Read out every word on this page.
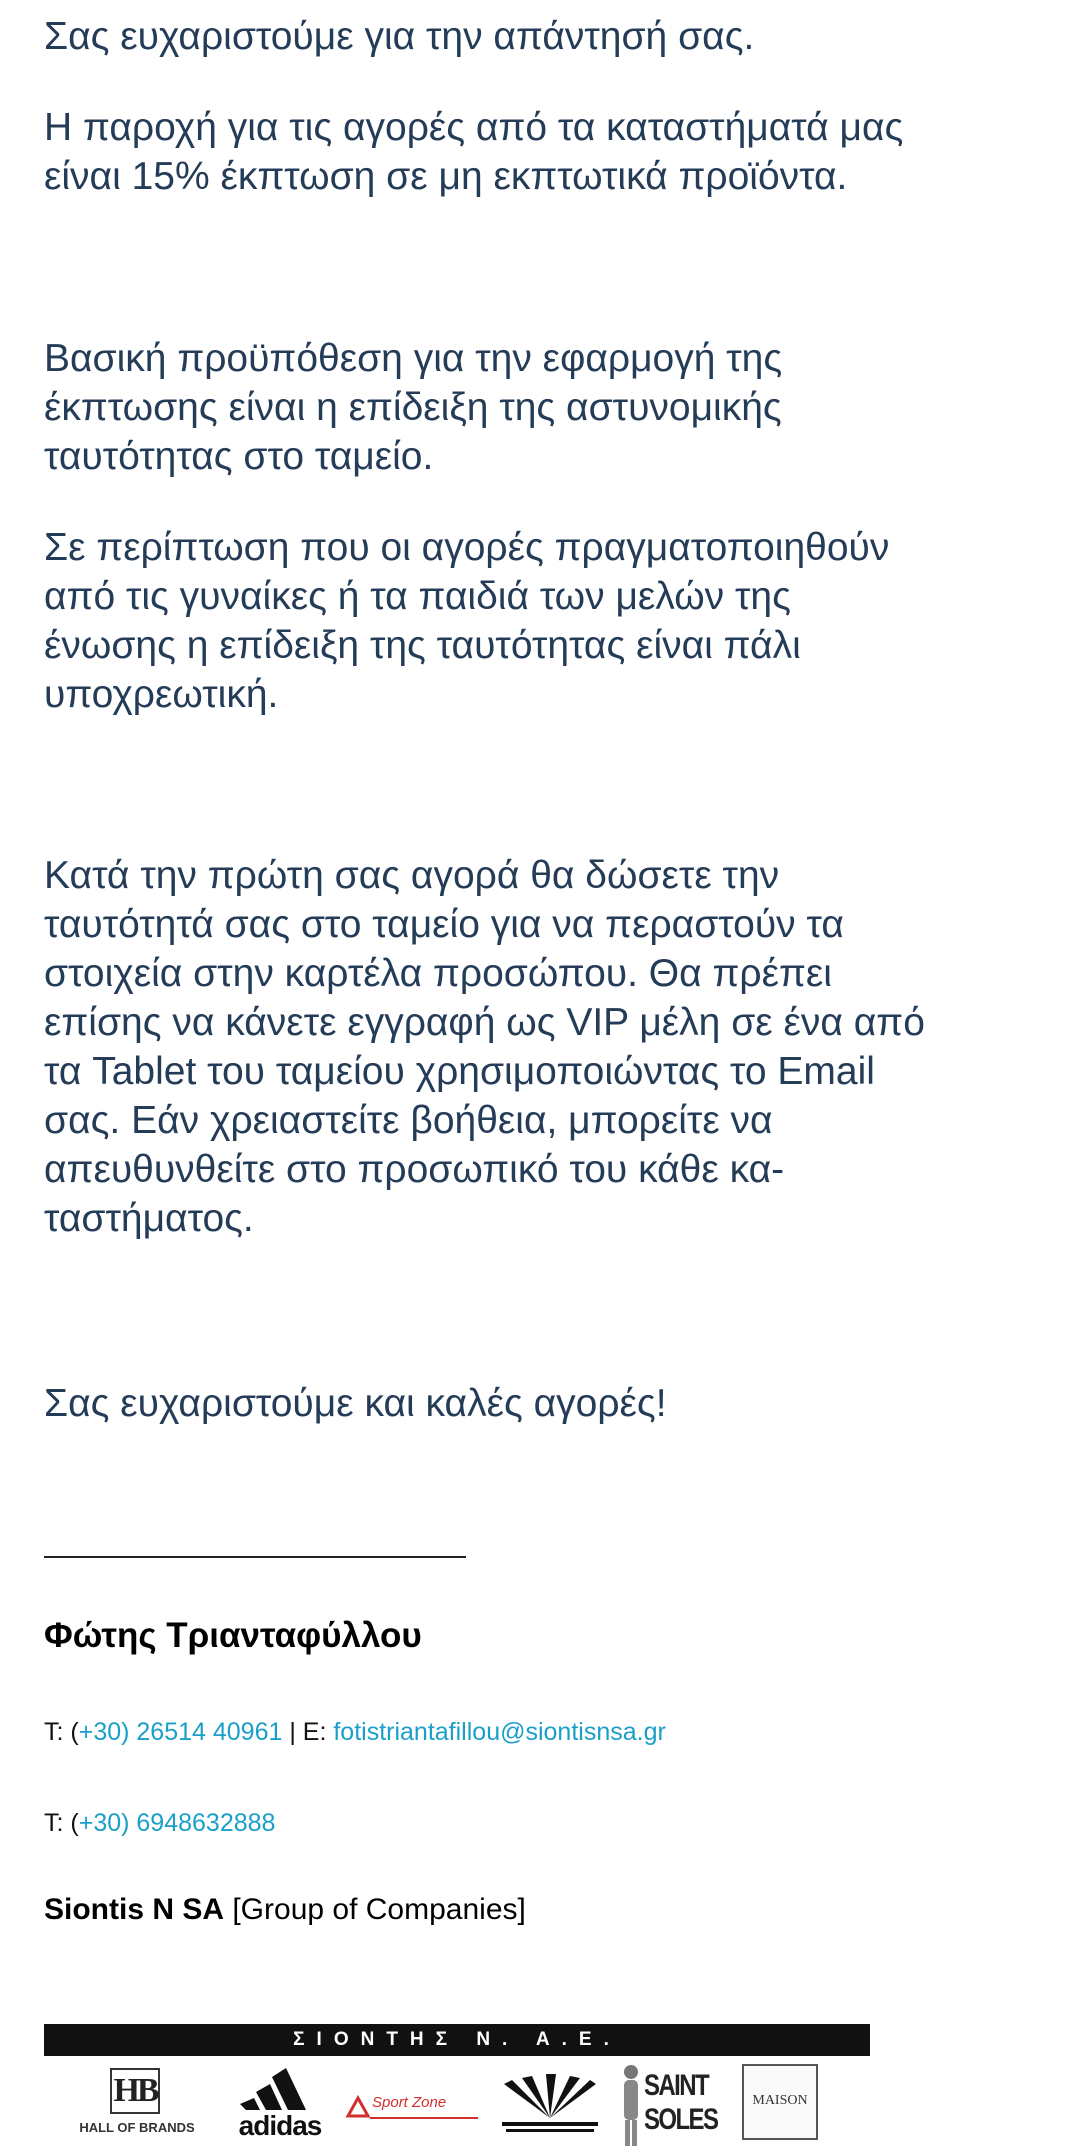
Σας ευχαριστούμε για την απάντησή σας.

Η παροχή για τις αγορές από τα καταστήματά μας
είναι 15% έκπτωση σε μη εκπτωτικά προϊόντα.

Βασική προϋπόθεση για την εφαρμογή της
έκπτωσης είναι η επίδειξη της αστυνομικής
ταυτότητας στο ταμείο.

Σε περίπτωση που οι αγορές πραγματοποιηθούν
από τις γυναίκες ή τα παιδιά των μελών της
ένωσης η επίδειξη της ταυτότητας είναι πάλι
υποχρεωτική.

Κατά την πρώτη σας αγορά θα δώσετε την
ταυτότητά σας στο ταμείο για να περαστούν τα
στοιχεία στην καρτέλα προσώπου. Θα πρέπει
επίσης να κάνετε εγγραφή ως VIP μέλη σε ένα από
τα Tablet του ταμείου χρησιμοποιώντας το Email
σας. Εάν χρειαστείτε βοήθεια, μπορείτε να
απευθυνθείτε στο προσωπικό του κάθε κα-
ταστήματος.

Σας ευχαριστούμε και καλές αγορές!

Φώτης Τριανταφύλλου
T: (+30) 26514 40961 | E: fotistriantafillou@siontisnsa.gr
T: (+30) 6948632888
Siontis N SA [Group of Companies]
ΣΙΟΝΤΗΣ Ν. Α.Ε.
HB
HALL OF BRANDS	adidas
Sport Zone
SAINT
SOLES
MAISON
